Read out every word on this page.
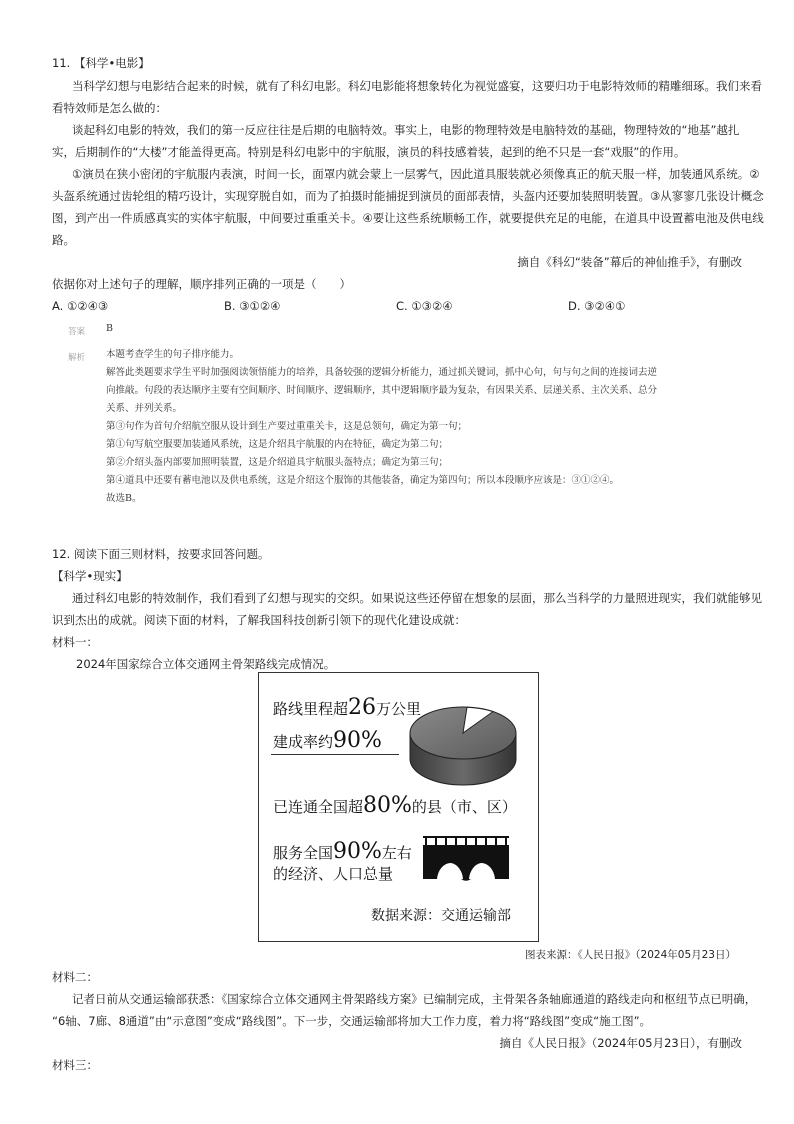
11. 【科学•电影】
当科学幻想与电影结合起来的时候，就有了科幻电影。科幻电影能将想象转化为视觉盛宴，这要归功于电影特效师的精雕细琢。我们来看
看特效师是怎么做的：
谈起科幻电影的特效，我们的第一反应往往是后期的电脑特效。事实上，电影的物理特效是电脑特效的基础，物理特效的“地基”越扎
实，后期制作的“大楼”才能盖得更高。特别是科幻电影中的宇航服，演员的科技感着装，起到的绝不只是一套“戏服”的作用。
①演员在狭小密闭的宇航服内表演，时间一长，面罩内就会蒙上一层雾气，因此道具服装就必须像真正的航天服一样，加装通风系统。②
头盔系统通过齿轮组的精巧设计，实现穿脱自如，而为了拍摄时能捕捉到演员的面部表情，头盔内还要加装照明装置。③从寥寥几张设计概念
图，到产出一件质感真实的实体宇航服，中间要过重重关卡。④要让这些系统顺畅工作，就要提供充足的电能，在道具中设置蓄电池及供电线
路。
摘自《科幻“装备”幕后的神仙推手》，有删改
依据你对上述句子的理解，顺序排列正确的一项是（　　）
A. ①②④③	B. ③①②④	C. ①③②④	D. ③②④①
答案 B
解析 本题考查学生的句子排序能力。
解答此类题要求学生平时加强阅读领悟能力的培养，具备较强的逻辑分析能力，通过抓关键词，抓中心句，句与句之间的连接词去逆
向推敲。句段的表达顺序主要有空间顺序、时间顺序、逻辑顺序，其中逻辑顺序最为复杂，有因果关系、层递关系、主次关系、总分
关系、并列关系。
第③句作为首句介绍航空服从设计到生产要过重重关卡，这是总领句，确定为第一句；
第①句写航空服要加装通风系统，这是介绍具宇航服的内在特征，确定为第二句；
第②介绍头盔内部要加照明装置，这是介绍道具宇航服头盔特点；确定为第三句；
第④道具中还要有蓄电池以及供电系统，这是介绍这个服饰的其他装备，确定为第四句；所以本段顺序应该是：③①②④。
故选B。
12. 阅读下面三则材料，按要求回答问题。
【科学•现实】
通过科幻电影的特效制作，我们看到了幻想与现实的交织。如果说这些还停留在想象的层面，那么当科学的力量照进现实，我们就能够见
识到杰出的成就。阅读下面的材料，了解我国科技创新引领下的现代化建设成就：
材料一：
2024年国家综合立体交通网主骨架路线完成情况。
路线里程超26万公里
建成率约90%
已连通全国超80%的县（市、区）
服务全国90%左右
的经济、人口总量
数据来源：交通运输部
图表来源：《人民日报》（2024年05月23日）
材料二：
记者日前从交通运输部获悉：《国家综合立体交通网主骨架路线方案》已编制完成，主骨架各条轴廊通道的路线走向和枢纽节点已明确，
“6轴、7廊、8通道”由“示意图”变成“路线图”。下一步，交通运输部将加大工作力度，着力将“路线图”变成“施工图”。
摘自《人民日报》（2024年05月23日），有删改
材料三：
